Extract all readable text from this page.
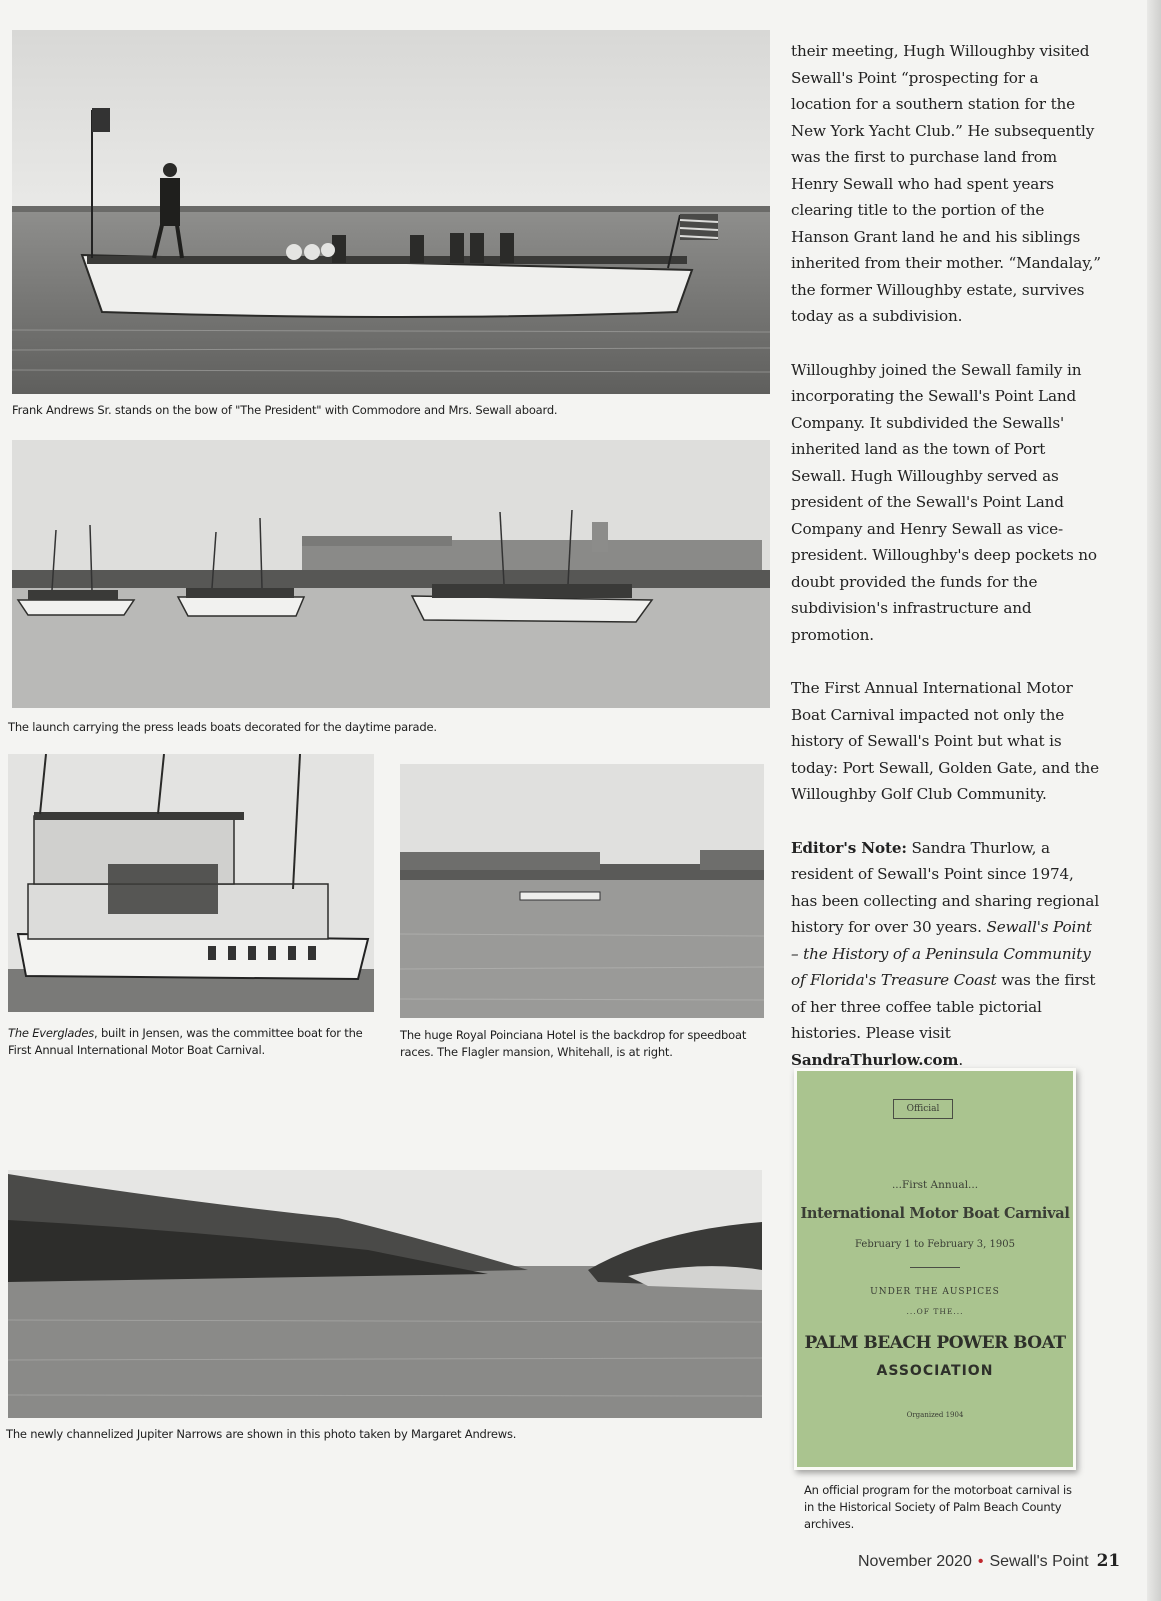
Frank Andrews Sr. stands on the bow of "The President" with Commodore and Mrs. Sewall aboard.
The launch carrying the press leads boats decorated for the daytime parade.
The Everglades, built in Jensen, was the committee boat for the First Annual International Motor Boat Carnival.
The huge Royal Poinciana Hotel is the backdrop for speedboat races. The Flagler mansion, Whitehall, is at right.
The newly channelized Jupiter Narrows are shown in this photo taken by Margaret Andrews.

their meeting, Hugh Willoughby visited Sewall's Point “prospecting for a location for a southern station for the New York Yacht Club.” He subsequently was the first to purchase land from Henry Sewall who had spent years clearing title to the portion of the Hanson Grant land he and his siblings inherited from their mother. “Mandalay,” the former Willoughby estate, survives today as a subdivision.

Willoughby joined the Sewall family in incorporating the Sewall's Point Land Company. It subdivided the Sewalls' inherited land as the town of Port Sewall. Hugh Willoughby served as president of the Sewall's Point Land Company and Henry Sewall as vice-president. Willoughby's deep pockets no doubt provided the funds for the subdivision's infrastructure and promotion.

The First Annual International Motor Boat Carnival impacted not only the history of Sewall's Point but what is today: Port Sewall, Golden Gate, and the Willoughby Golf Club Community.

Editor's Note: Sandra Thurlow, a resident of Sewall's Point since 1974, has been collecting and sharing regional history for over 30 years. Sewall's Point – the History of a Peninsula Community of Florida's Treasure Coast was the first of her three coffee table pictorial histories. Please visit SandraThurlow.com.

Official
...First Annual...
International Motor Boat Carnival
February 1 to February 3, 1905
UNDER THE AUSPICES
...OF THE...
PALM BEACH POWER BOAT
ASSOCIATION
Organized 1904
An official program for the motorboat carnival is in the Historical Society of Palm Beach County archives.
November 2020 • Sewall's Point 21
